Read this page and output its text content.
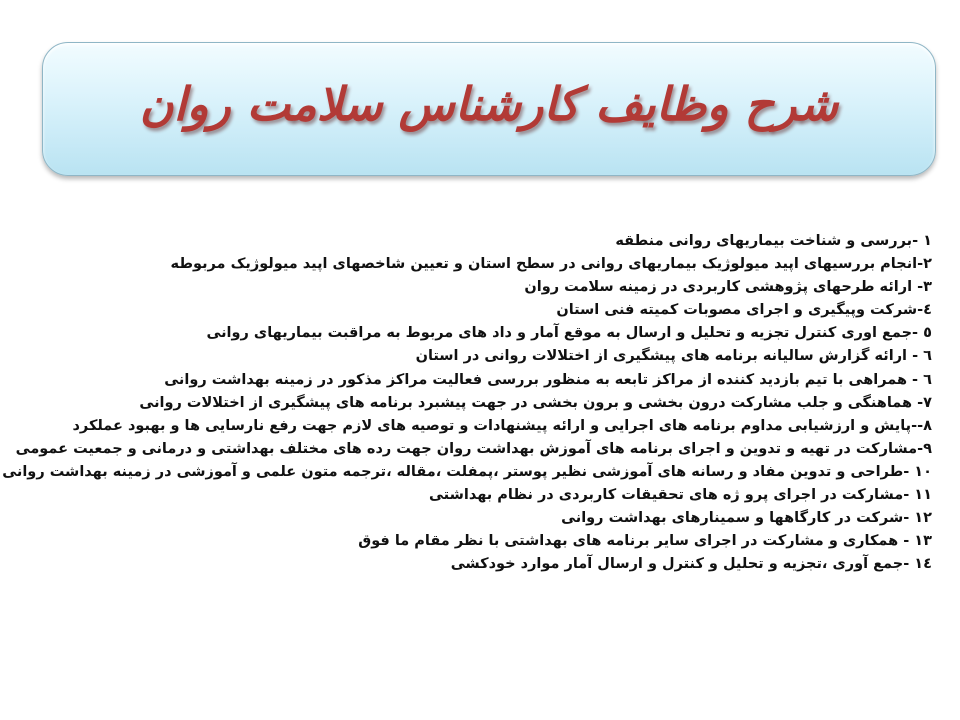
شرح وظایف کارشناس سلامت روان
١ -بررسی و شناخت بیماریهای روانی منطقه
٢-انجام بررسیهای اپید میولوژیک بیماریهای روانی در سطح استان و تعیین شاخصهای اپید میولوژیک مربوطه
٣- ارائه طرحهای پژوهشی کاربردی در زمینه سلامت روان
٤-شرکت وپیگیری و اجرای مصوبات کمیته فنی استان
٥ -جمع اوری کنترل تجزیه و تحلیل و ارسال به موقع آمار و داد های مربوط به مراقبت بیماریهای روانی
٦ - ارائه گزارش سالیانه برنامه های پیشگیری از اختلالات روانی در استان
٦ - همراهی با تیم بازدید کننده از مراکز تابعه به منظور بررسی فعالیت مراکز مذکور در زمینه بهداشت روانی
٧- هماهنگی و جلب مشارکت درون بخشی و برون بخشی در جهت پیشبرد برنامه های پیشگیری از اختلالات روانی
٨--پایش و ارزشیابی مداوم برنامه های اجرایی و ارائه پیشنهادات و توصیه های لازم جهت رفع نارسایی ها و بهبود عملکرد
٩-مشارکت در تهیه و تدوین و اجرای برنامه های آموزش بهداشت روان جهت رده های مختلف بهداشتی و درمانی و جمعیت عمومی
١٠ -طراحی و تدوین مفاد و رسانه های آموزشی نظیر پوستر ،پمفلت ،مقاله ،ترجمه متون علمی و آموزشی در زمینه بهداشت روانی
١١ -مشارکت در اجرای پرو ژه های تحقیقات کاربردی در نظام بهداشتی
١٢ -شرکت در کارگاهها و سمینارهای بهداشت روانی
١٣ - همکاری و مشارکت در اجرای سایر برنامه های بهداشتی با نظر مقام ما فوق
١٤ -جمع آوری ،تجزیه و تحلیل و کنترل و ارسال آمار موارد خودکشی
